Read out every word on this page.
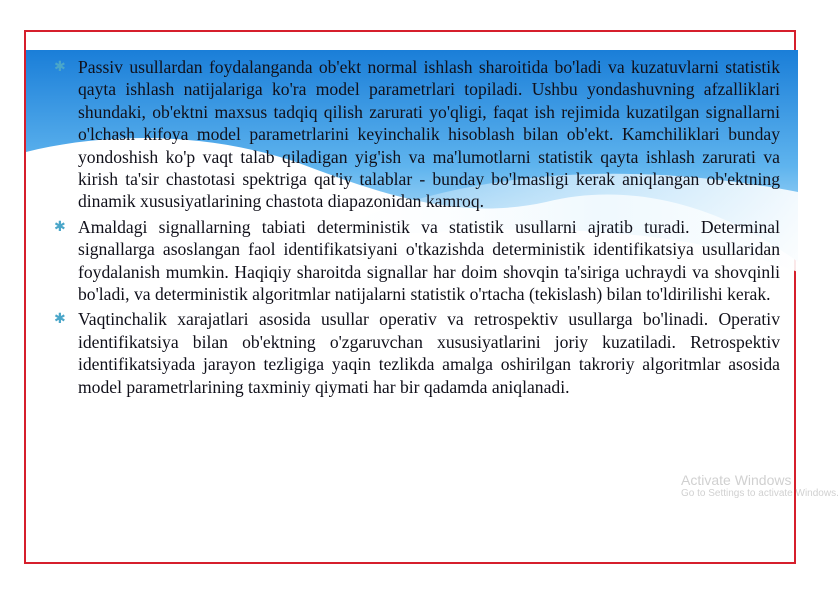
✱ Passiv usullardan foydalanganda ob'ekt normal ishlash sharoitida bo'ladi va kuzatuvlarni statistik qayta ishlash natijalariga ko'ra model parametrlari topiladi. Ushbu yondashuvning afzalliklari shundaki, ob'ektni maxsus tadqiq qilish zarurati yo'qligi, faqat ish rejimida kuzatilgan signallarni o'lchash kifoya model parametrlarini keyinchalik hisoblash bilan ob'ekt. Kamchiliklari bunday yondoshish ko'p vaqt talab qiladigan yig'ish va ma'lumotlarni statistik qayta ishlash zarurati va kirish ta'sir chastotasi spektriga qat'iy talablar - bunday bo'lmasligi kerak aniqlangan ob'ektning dinamik xususiyatlarining chastota diapazonidan kamroq.
✱ Amaldagi signallarning tabiati deterministik va statistik usullarni ajratib turadi. Determinal signallarga asoslangan faol identifikatsiyani o'tkazishda deterministik identifikatsiya usullaridan foydalanish mumkin. Haqiqiy sharoitda signallar har doim shovqin ta'siriga uchraydi va shovqinli bo'ladi, va deterministik algoritmlar natijalarni statistik o'rtacha (tekislash) bilan to'ldirilishi kerak.
✱ Vaqtinchalik xarajatlari asosida usullar operativ va retrospektiv usullarga bo'linadi. Operativ identifikatsiya bilan ob'ektning o'zgaruvchan xususiyatlarini joriy kuzatiladi. Retrospektiv identifikatsiyada jarayon tezligiga yaqin tezlikda amalga oshirilgan takroriy algoritmlar asosida model parametrlarining taxminiy qiymati har bir qadamda aniqlanadi.
Activate Windows
Go to Settings to activate Windows.
